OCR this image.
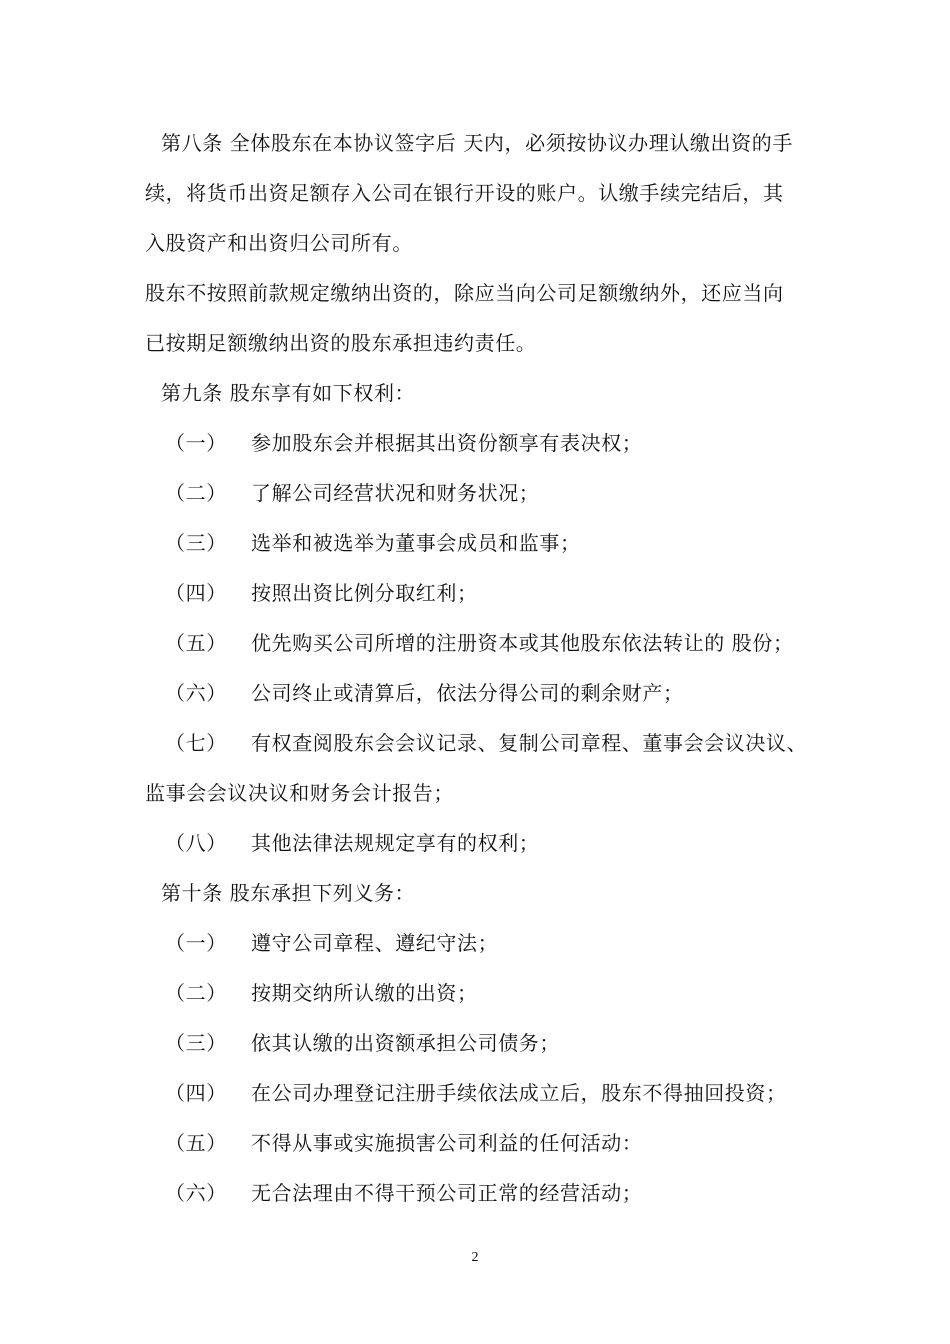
第八条 全体股东在本协议签字后 天内，必须按协议办理认缴出资的手
续，将货币出资足额存入公司在银行开设的账户。认缴手续完结后，其
入股资产和出资归公司所有。
股东不按照前款规定缴纳出资的，除应当向公司足额缴纳外，还应当向
已按期足额缴纳出资的股东承担违约责任。
第九条 股东享有如下权利：
（一） 参加股东会并根据其出资份额享有表决权；
（二） 了解公司经营状况和财务状况；
（三） 选举和被选举为董事会成员和监事；
（四） 按照出资比例分取红利；
（五） 优先购买公司所增的注册资本或其他股东依法转让的 股份；
（六） 公司终止或清算后，依法分得公司的剩余财产；
（七） 有权查阅股东会会议记录、复制公司章程、董事会会议决议、
监事会会议决议和财务会计报告；
（八） 其他法律法规规定享有的权利；
第十条 股东承担下列义务：
（一） 遵守公司章程、遵纪守法；
（二） 按期交纳所认缴的出资；
（三） 依其认缴的出资额承担公司债务；
（四） 在公司办理登记注册手续依法成立后，股东不得抽回投资；
（五） 不得从事或实施损害公司利益的任何活动：
（六） 无合法理由不得干预公司正常的经营活动；
2
